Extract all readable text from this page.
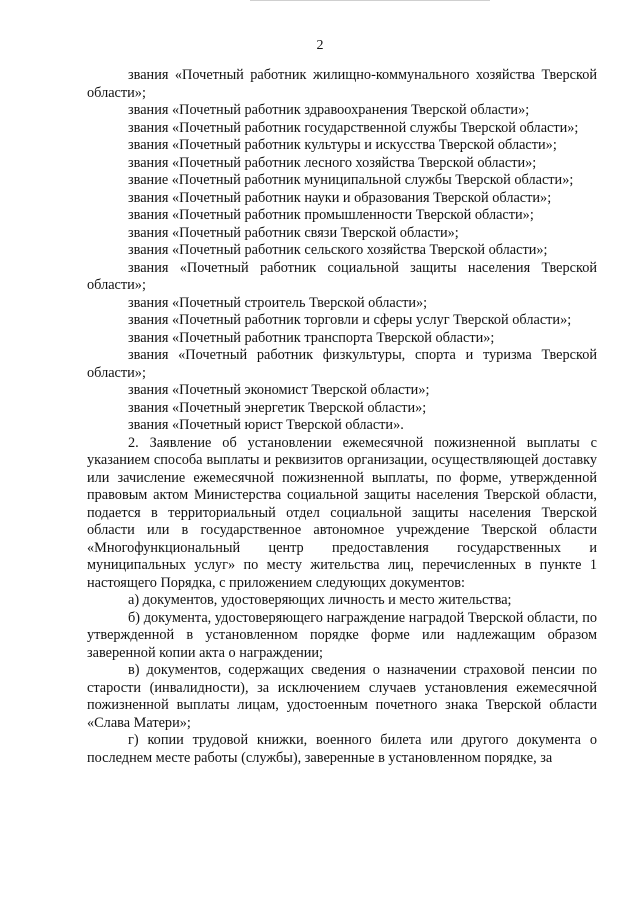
2

звания «Почетный работник жилищно-коммунального хозяйства Тверской области»;

звания «Почетный работник здравоохранения Тверской области»;

звания «Почетный работник государственной службы Тверской области»;

звания «Почетный работник культуры и искусства Тверской области»;

звания «Почетный работник лесного хозяйства Тверской области»;

звание «Почетный работник муниципальной службы Тверской области»;

звания «Почетный работник науки и образования Тверской области»;

звания «Почетный работник промышленности Тверской области»;

звания «Почетный работник связи Тверской области»;

звания «Почетный работник сельского хозяйства Тверской области»;

звания «Почетный работник социальной защиты населения Тверской области»;

звания «Почетный строитель Тверской области»;

звания «Почетный работник торговли и сферы услуг Тверской области»;

звания «Почетный работник транспорта Тверской области»;

звания «Почетный работник физкультуры, спорта и туризма Тверской области»;

звания «Почетный экономист Тверской области»;

звания «Почетный энергетик Тверской области»;

звания «Почетный юрист Тверской области».

2. Заявление об установлении ежемесячной пожизненной выплаты с указанием способа выплаты и реквизитов организации, осуществляющей доставку или зачисление ежемесячной пожизненной выплаты, по форме, утвержденной правовым актом Министерства социальной защиты населения Тверской области, подается в территориальный отдел социальной защиты населения Тверской области или в государственное автономное учреждение Тверской области «Многофункциональный центр предоставления государственных и муниципальных услуг» по месту жительства лиц, перечисленных в пункте 1 настоящего Порядка, с приложением следующих документов:

а) документов, удостоверяющих личность и место жительства;

б) документа, удостоверяющего награждение наградой Тверской области, по утвержденной в установленном порядке форме или надлежащим образом заверенной копии акта о награждении;

в) документов, содержащих сведения о назначении страховой пенсии по старости (инвалидности), за исключением случаев установления ежемесячной пожизненной выплаты лицам, удостоенным почетного знака Тверской области «Слава Матери»;

г) копии трудовой книжки, военного билета или другого документа о последнем месте работы (службы), заверенные в установленном порядке, за
